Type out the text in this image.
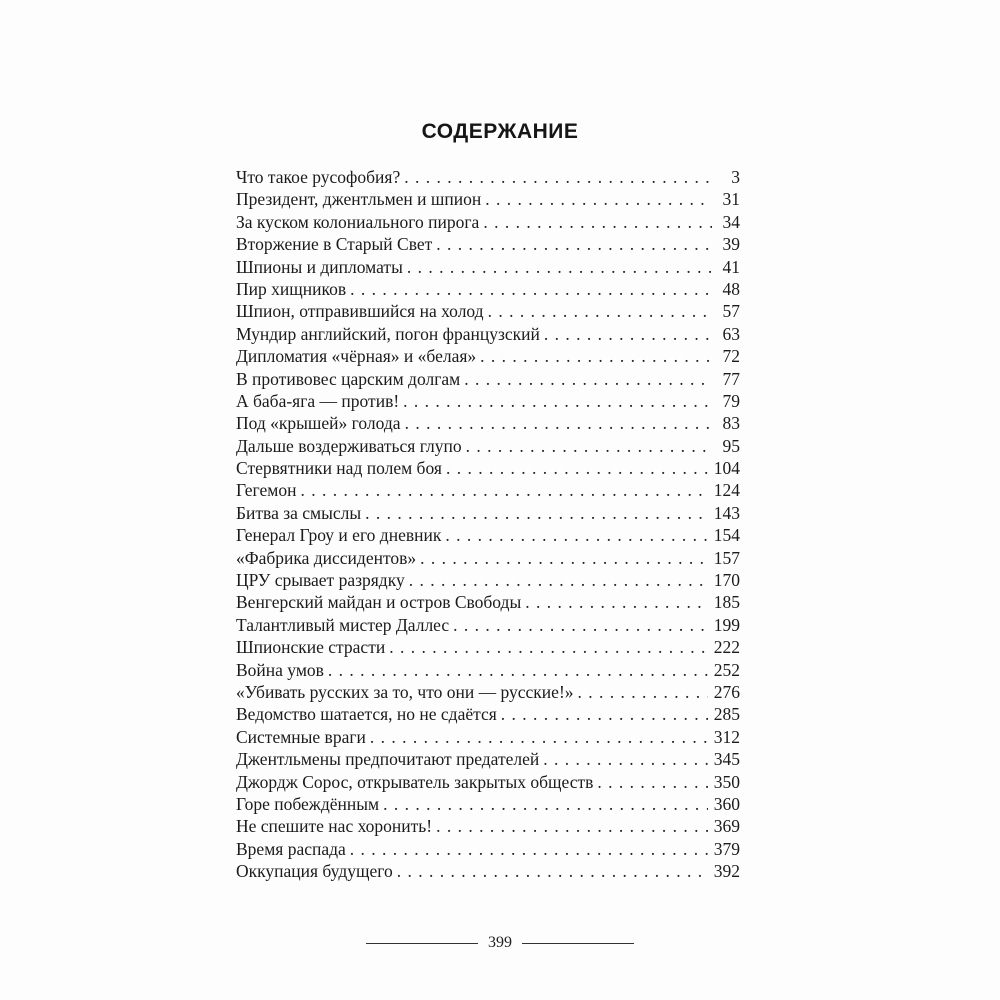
СОДЕРЖАНИЕ
Что такое русофобия? . . .	3
Президент, джентльмен и шпион . . .	31
За куском колониального пирога . . .	34
Вторжение в Старый Свет . . .	39
Шпионы и дипломаты . . .	41
Пир хищников . . .	48
Шпион, отправившийся на холод . . .	57
Мундир английский, погон французский . . .	63
Дипломатия «чёрная» и «белая» . . .	72
В противовес царским долгам . . .	77
А баба-яга — против! . . .	79
Под «крышей» голода . . .	83
Дальше воздерживаться глупо . . .	95
Стервятники над полем боя . . .	104
Гегемон . . .	124
Битва за смыслы . . .	143
Генерал Гроу и его дневник . . .	154
«Фабрика диссидентов» . . .	157
ЦРУ срывает разрядку . . .	170
Венгерский майдан и остров Свободы . . .	185
Талантливый мистер Даллес . . .	199
Шпионские страсти . . .	222
Война умов . . .	252
«Убивать русских за то, что они — русские!» . . .	276
Ведомство шатается, но не сдаётся . . .	285
Системные враги . . .	312
Джентльмены предпочитают предателей . . .	345
Джордж Сорос, открыватель закрытых обществ . . .	350
Горе побеждённым . . .	360
Не спешите нас хоронить! . . .	369
Время распада . . .	379
Оккупация будущего . . .	392
399
